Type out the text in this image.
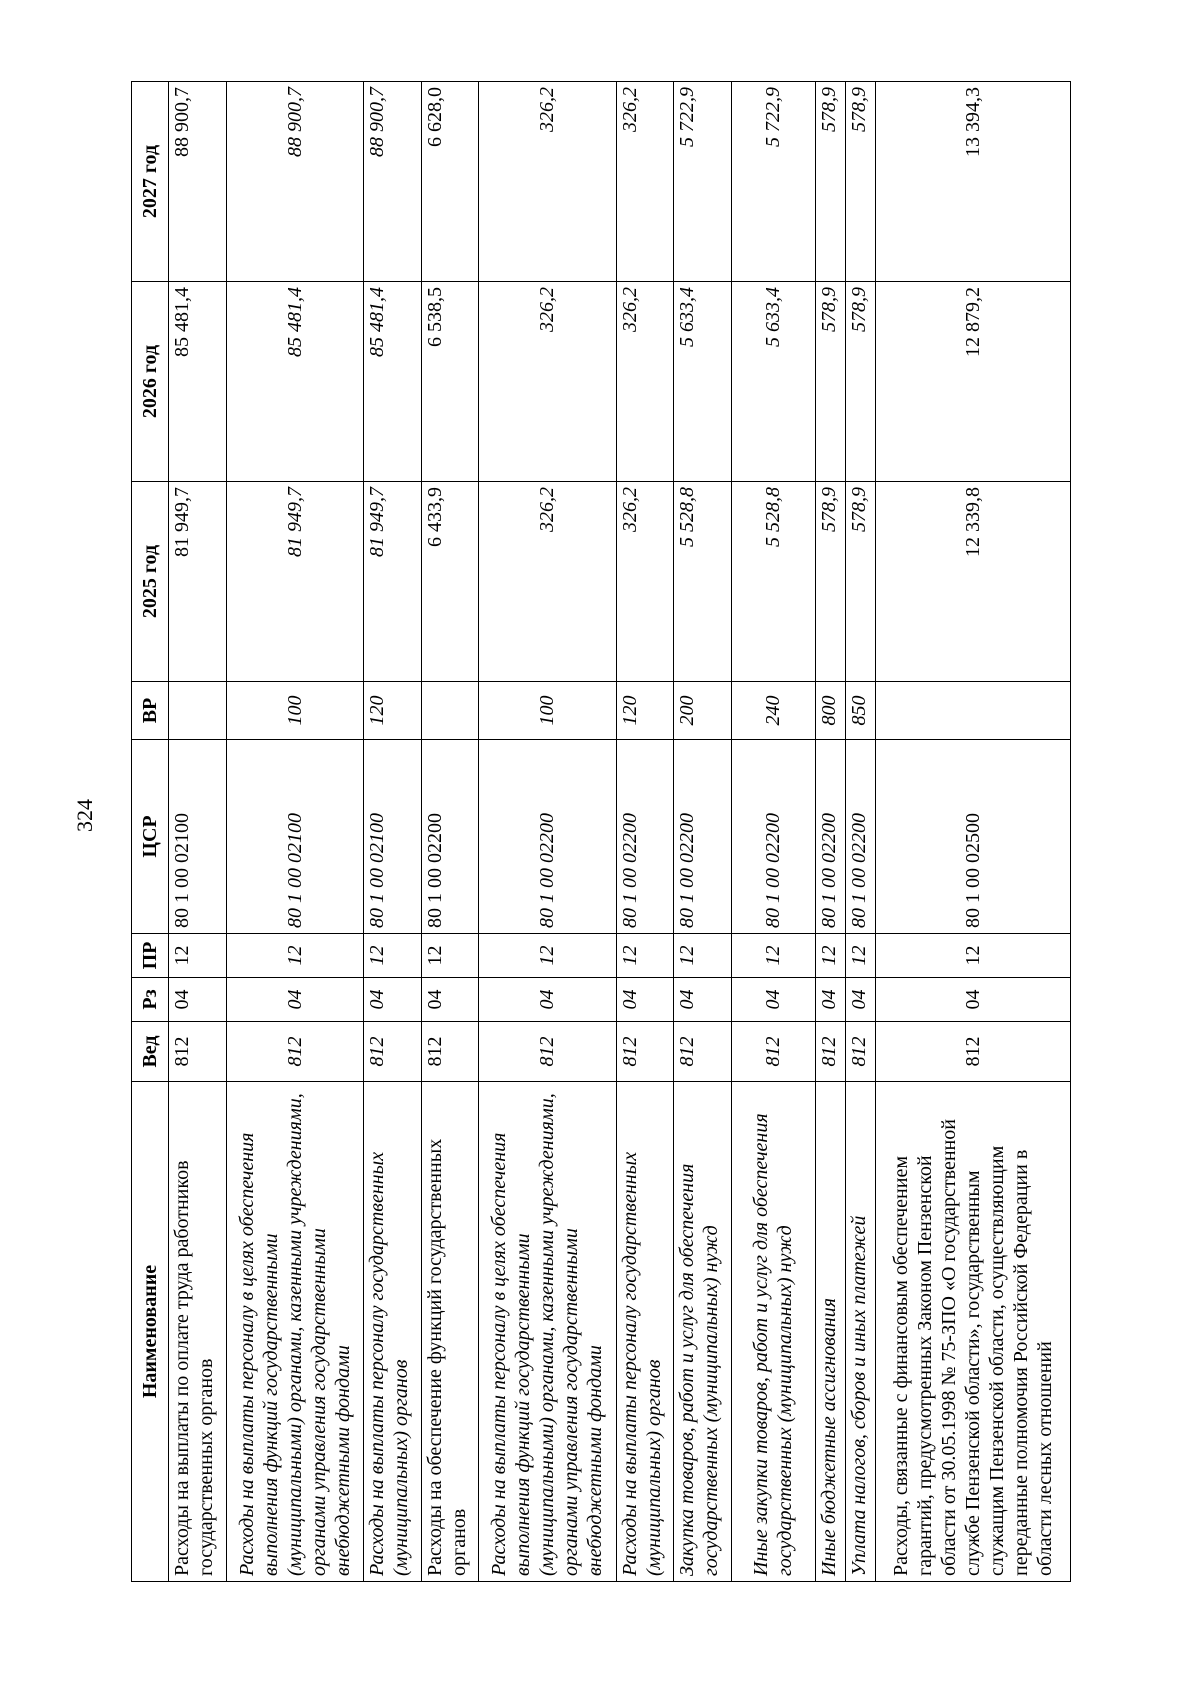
324
Наименование	Вед	Рз	ПР	ЦСР	ВР	2025 год	2026 год	2027 год
Расходы на выплаты по оплате труда работников государственных органов	812	04	12	80 1 00 02100		81 949,7	85 481,4	88 900,7
Расходы на выплаты персоналу в целях обеспечения выполнения функций государственными (муниципальными) органами, казенными учреждениями, органами управления государственными внебюджетными фондами	812	04	12	80 1 00 02100	100	81 949,7	85 481,4	88 900,7
Расходы на выплаты персоналу государственных (муниципальных) органов	812	04	12	80 1 00 02100	120	81 949,7	85 481,4	88 900,7
Расходы на обеспечение функций государственных органов	812	04	12	80 1 00 02200		6 433,9	6 538,5	6 628,0
Расходы на выплаты персоналу в целях обеспечения выполнения функций государственными (муниципальными) органами, казенными учреждениями, органами управления государственными внебюджетными фондами	812	04	12	80 1 00 02200	100	326,2	326,2	326,2
Расходы на выплаты персоналу государственных (муниципальных) органов	812	04	12	80 1 00 02200	120	326,2	326,2	326,2
Закупка товаров, работ и услуг для обеспечения государственных (муниципальных) нужд	812	04	12	80 1 00 02200	200	5 528,8	5 633,4	5 722,9
Иные закупки товаров, работ и услуг для обеспечения государственных (муниципальных) нужд	812	04	12	80 1 00 02200	240	5 528,8	5 633,4	5 722,9
Иные бюджетные ассигнования	812	04	12	80 1 00 02200	800	578,9	578,9	578,9
Уплата налогов, сборов и иных платежей	812	04	12	80 1 00 02200	850	578,9	578,9	578,9
Расходы, связанные с финансовым обеспечением гарантий, предусмотренных Законом Пензенской области от 30.05.1998 № 75-ЗПО «О государственной службе Пензенской области», государственным служащим Пензенской области, осуществляющим переданные полномочия Российской Федерации в области лесных отношений	812	04	12	80 1 00 02500		12 339,8	12 879,2	13 394,3
